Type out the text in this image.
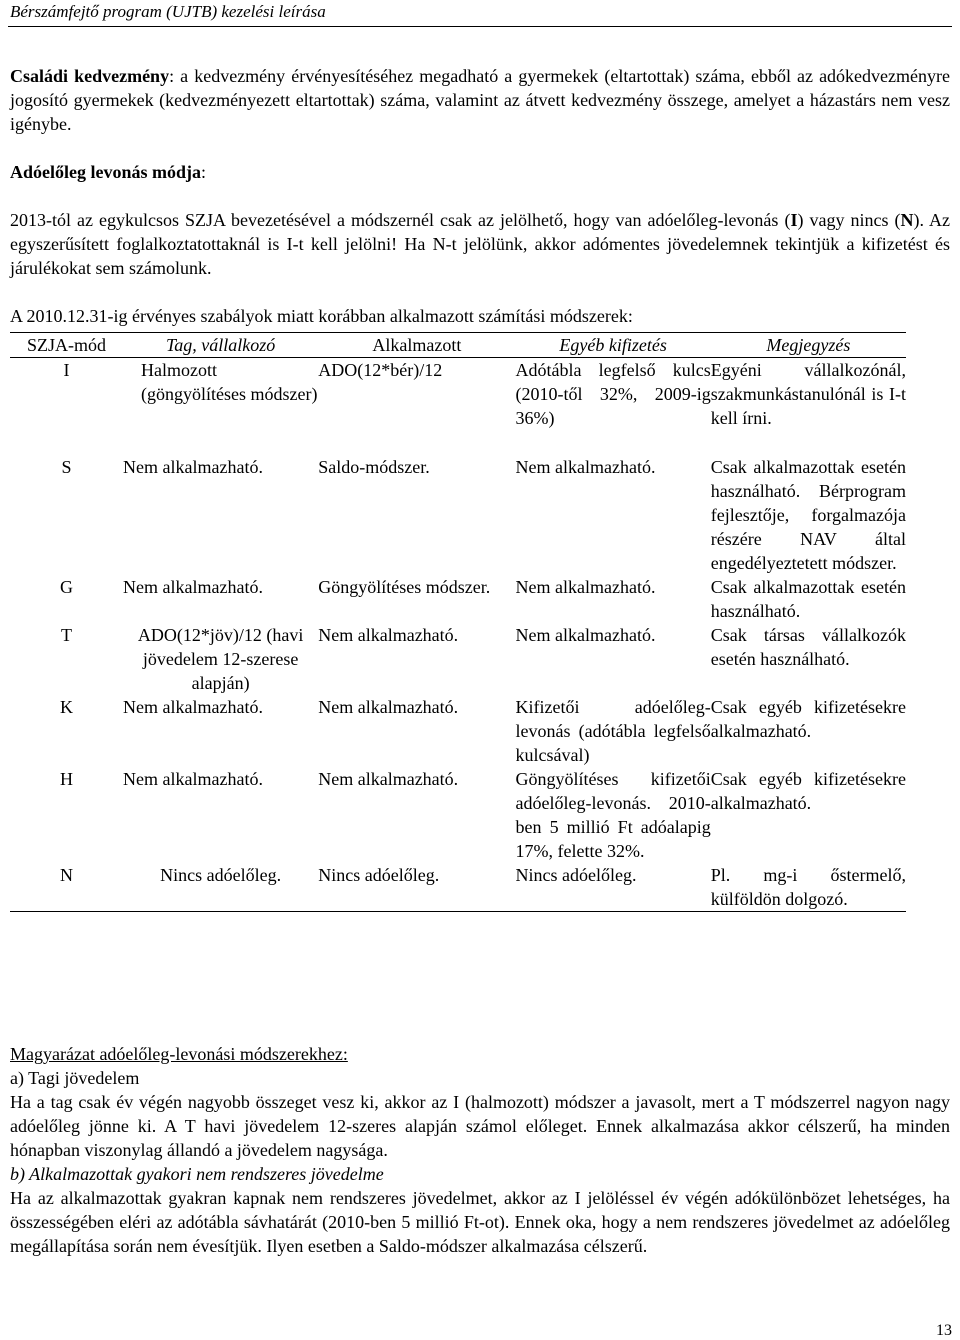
Bérszámfejtő program (UJTB) kezelési leírása
Családi kedvezmény: a kedvezmény érvényesítéséhez megadható a gyermekek (eltartottak) száma, ebből az adókedvezményre jogosító gyermekek (kedvezményezett eltartottak) száma, valamint az átvett kedvezmény összege, amelyet a házastárs nem vesz igénybe.
Adóelőleg levonás módja:
2013-tól az egykulcsos SZJA bevezetésével a módszernél csak az jelölhető, hogy van adóelőleg-levonás (I) vagy nincs (N). Az egyszerűsített foglalkoztatottaknál is I-t kell jelölni! Ha N-t jelölünk, akkor adómentes jövedelemnek tekintjük a kifizetést és járulékokat sem számolunk.
A 2010.12.31-ig érvényes szabályok miatt korábban alkalmazott számítási módszerek:
SZJA-mód	Tag, vállalkozó	Alkalmazott	Egyéb kifizetés	Megjegyzés
I	Halmozott (göngyölítéses módszer)	ADO(12*bér)/12	Adótábla legfelső kulcs (2010-től 32%, 2009-ig 36%)	Egyéni vállalkozónál, szakmunkástanulónál is I-t kell írni.
S	Nem alkalmazható.	Saldo-módszer.	Nem alkalmazható.	Csak alkalmazottak esetén használható. Bérprogram fejlesztője, forgalmazója részére NAV által engedélyeztetett módszer.
G	Nem alkalmazható.	Göngyölítéses módszer.	Nem alkalmazható.	Csak alkalmazottak esetén használható.
T	ADO(12*jöv)/12 (havi jövedelem 12-szerese alapján)	Nem alkalmazható.	Nem alkalmazható.	Csak társas vállalkozók esetén használható.
K	Nem alkalmazható.	Nem alkalmazható.	Kifizetői adóelőleg-levonás (adótábla legfelső kulcsával)	Csak egyéb kifizetésekre alkalmazható.
H	Nem alkalmazható.	Nem alkalmazható.	Göngyölítéses kifizetői adóelőleg-levonás. 2010-ben 5 millió Ft adóalapig 17%, felette 32%.	Csak egyéb kifizetésekre alkalmazható.
N	Nincs adóelőleg.	Nincs adóelőleg.	Nincs adóelőleg.	Pl. mg-i őstermelő, külföldön dolgozó.
Magyarázat adóelőleg-levonási módszerekhez:
a) Tagi jövedelem
Ha a tag csak év végén nagyobb összeget vesz ki, akkor az I (halmozott) módszer a javasolt, mert a T módszerrel nagyon nagy adóelőleg jönne ki. A T havi jövedelem 12-szeres alapján számol előleget. Ennek alkalmazása akkor célszerű, ha minden hónapban viszonylag állandó a jövedelem nagysága.
b) Alkalmazottak gyakori nem rendszeres jövedelme
Ha az alkalmazottak gyakran kapnak nem rendszeres jövedelmet, akkor az I jelöléssel év végén adókülönbözet lehetséges, ha összességében eléri az adótábla sávhatárát (2010-ben 5 millió Ft-ot). Ennek oka, hogy a nem rendszeres jövedelmet az adóelőleg megállapítása során nem évesítjük. Ilyen esetben a Saldo-módszer alkalmazása célszerű.
13
